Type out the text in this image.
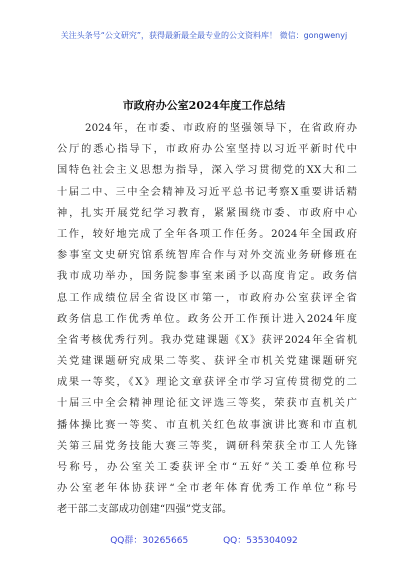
关注头条号“公文研究”，获得最新最全最专业的公文资料库！ 微信：gongwenyj
市政府办公室2024年度工作总结
2024年，在市委、市政府的坚强领导下，在省政府办
公厅的悉心指导下，市政府办公室坚持以习近平新时代中
国特色社会主义思想为指导，深入学习贯彻党的XX大和二
十届二中、三中全会精神及习近平总书记考察X重要讲话精
神，扎实开展党纪学习教育，紧紧围绕市委、市政府中心
工作，较好地完成了全年各项工作任务。2024年全国政府
参事室文史研究馆系统智库合作与对外交流业务研修班在
我市成功举办，国务院参事室来函予以高度肯定。政务信
息工作成绩位居全省设区市第一，市政府办公室获评全省
政务信息工作优秀单位。政务公开工作预计进入2024年度
全省考核优秀行列。我办党建课题《X》获评2024年全省机
关党建课题研究成果二等奖、获评全市机关党建课题研究
成果一等奖，《X》理论文章获评全市学习宣传贯彻党的二
十届三中全会精神理论征文评选三等奖，荣获市直机关广
播体操比赛一等奖、市直机关红色故事演讲比赛和市直机
关第三届党务技能大赛三等奖，调研科荣获全市工人先锋
号称号，办公室关工委获评全市“五好”关工委单位称号
办公室老年体协获评“全市老年体育优秀工作单位”称号
老干部二支部成功创建“四强”党支部。
QQ群：30265665	QQ：535304092
